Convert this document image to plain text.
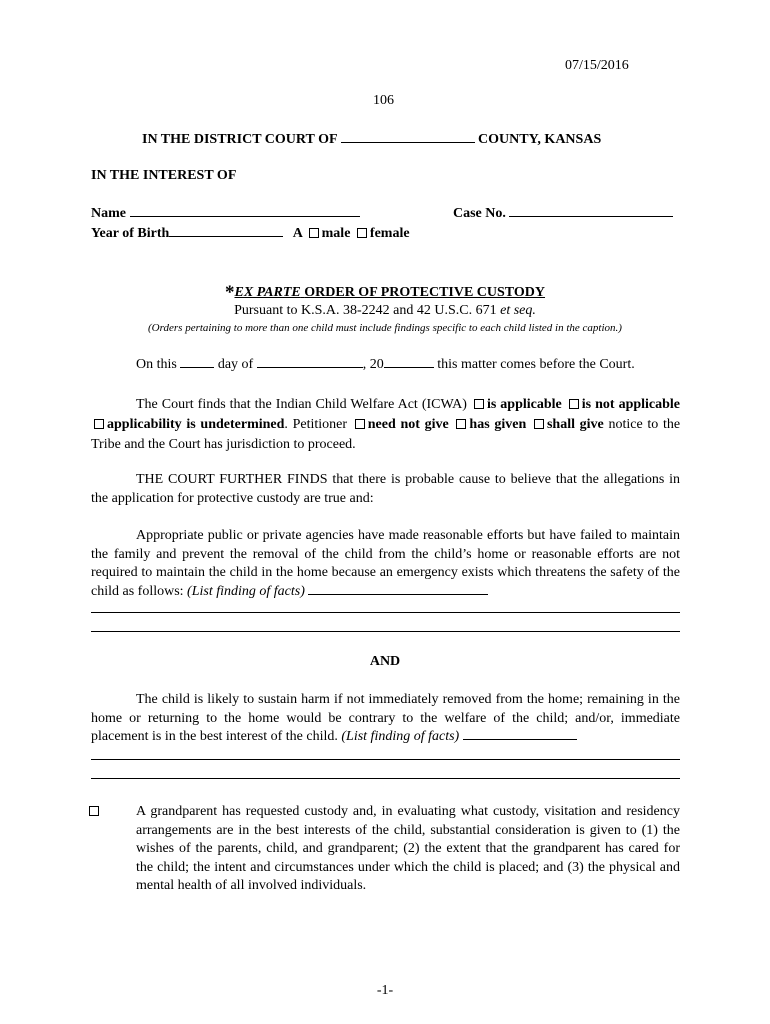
07/15/2016
106
IN THE DISTRICT COURT OF	COUNTY, KANSAS
IN THE INTEREST OF
Name	Case No.
Year of Birth	A male female
*EX PARTE ORDER OF PROTECTIVE CUSTODY
Pursuant to K.S.A. 38-2242 and 42 U.S.C. 671 et seq.
(Orders pertaining to more than one child must include findings specific to each child listed in the caption.)
On this	day of	, 20	this matter comes before the Court.

The Court finds that the Indian Child Welfare Act (ICWA) is applicable is not applicable applicability is undetermined. Petitioner need not give has given shall give notice to the Tribe and the Court has jurisdiction to proceed.

THE COURT FURTHER FINDS that there is probable cause to believe that the allegations in the application for protective custody are true and:

Appropriate public or private agencies have made reasonable efforts but have failed to maintain the family and prevent the removal of the child from the child’s home or reasonable efforts are not required to maintain the child in the home because an emergency exists which threatens the safety of the child as follows: (List finding of facts)

AND

The child is likely to sustain harm if not immediately removed from the home; remaining in the home or returning to the home would be contrary to the welfare of the child; and/or, immediate placement is in the best interest of the child. (List finding of facts)

A grandparent has requested custody and, in evaluating what custody, visitation and residency arrangements are in the best interests of the child, substantial consideration is given to (1) the wishes of the parents, child, and grandparent; (2) the extent that the grandparent has cared for the child; the intent and circumstances under which the child is placed; and (3) the physical and mental health of all involved individuals.
-1-
